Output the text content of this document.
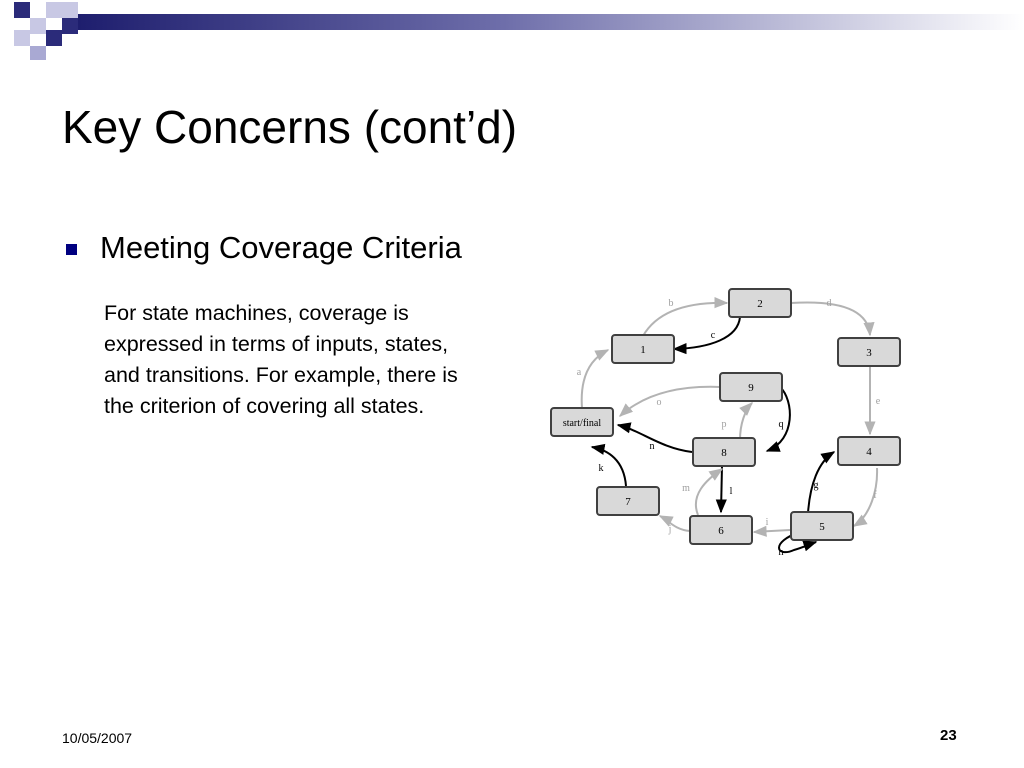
Key Concerns (cont’d)
Meeting Coverage Criteria
For state machines, coverage is expressed in terms of inputs, states, and transitions. For example, there is the criterion of covering all states.
a
b
c
d
e
f
g
h
i
j
k
l
m
n
o
p	q
start/final
1
2
3
4
5
6
7
8
9
10/05/2007	23
